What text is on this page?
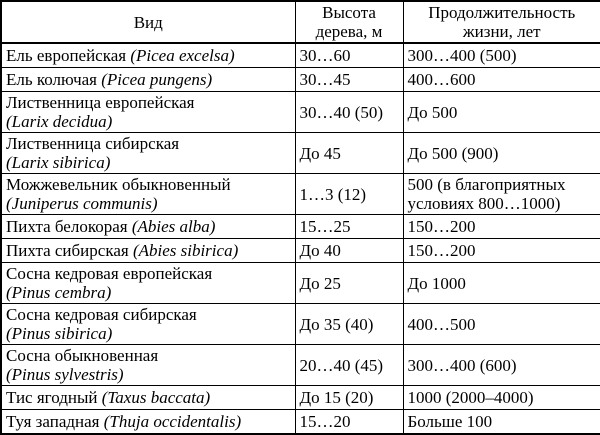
Вид	Высота дерева, м	Продолжительность жизни, лет
Ель европейская (Picea excelsa)	30…60	300…400 (500)
Ель колючая (Picea pungens)	30…45	400…600
Лиственница европейская
(Larix decidua)	30…40 (50)	До 500
Лиственница сибирская
(Larix sibirica)	До 45	До 500 (900)
Можжевельник обыкновенный
(Juniperus communis)	1…3 (12)	500 (в благоприятных условиях 800…1000)
Пихта белокорая (Abies alba)	15…25	150…200
Пихта сибирская (Abies sibirica)	До 40	150…200
Сосна кедровая европейская
(Pinus cembra)	До 25	До 1000
Сосна кедровая сибирская
(Pinus sibirica)	До 35 (40)	400…500
Сосна обыкновенная
(Pinus sylvestris)	20…40 (45)	300…400 (600)
Тис ягодный (Taxus baccata)	До 15 (20)	1000 (2000–4000)
Туя западная (Thuja occidentalis)	15…20	Больше 100
